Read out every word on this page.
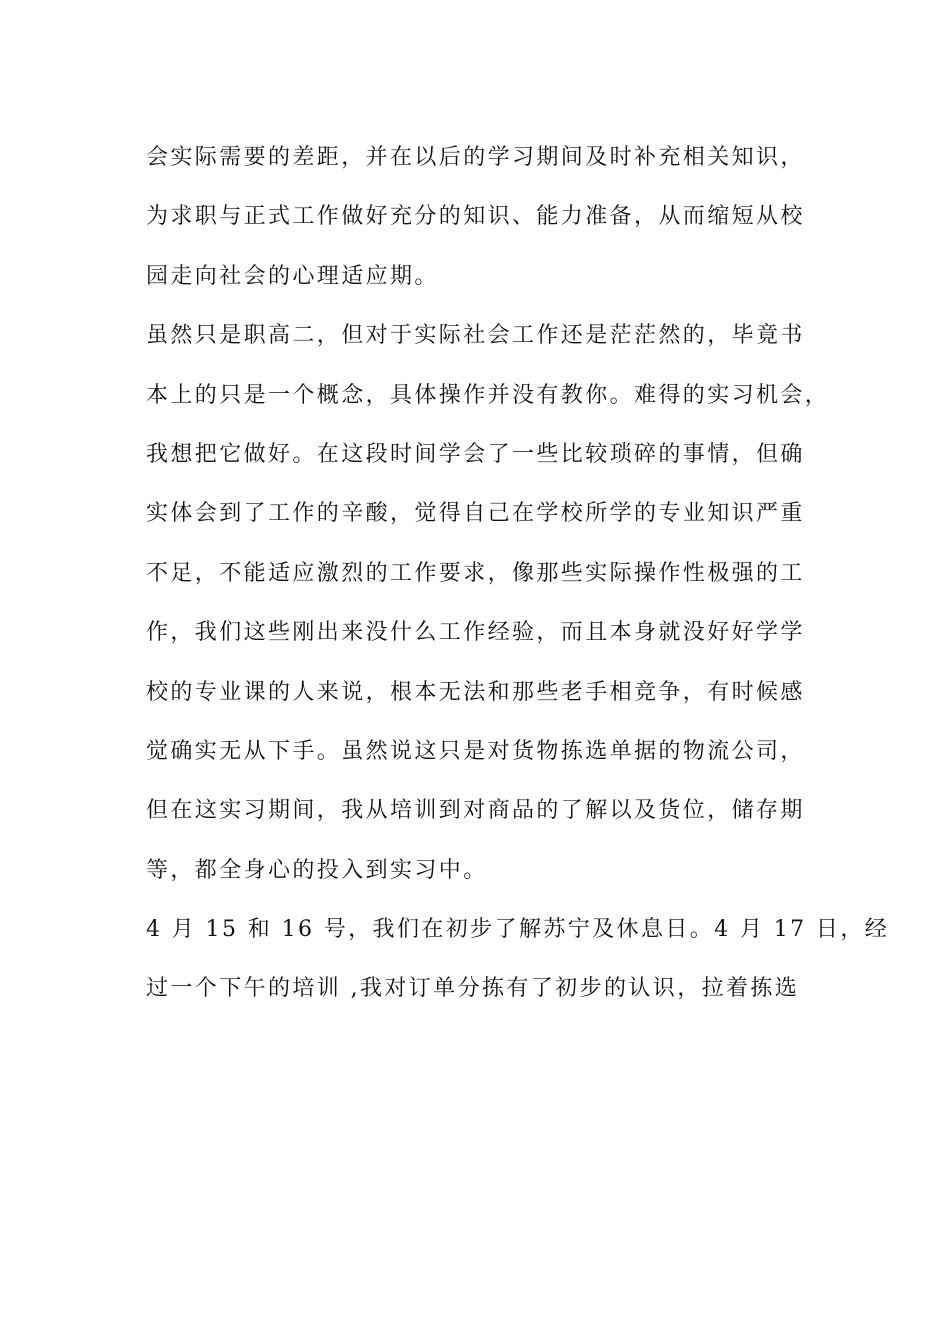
会实际需要的差距，并在以后的学习期间及时补充相关知识，
为求职与正式工作做好充分的知识、能力准备，从而缩短从校
园走向社会的心理适应期。
虽然只是职高二，但对于实际社会工作还是茫茫然的，毕竟书
本上的只是一个概念，具体操作并没有教你。难得的实习机会，
我想把它做好。在这段时间学会了一些比较琐碎的事情，但确
实体会到了工作的辛酸，觉得自己在学校所学的专业知识严重
不足，不能适应激烈的工作要求，像那些实际操作性极强的工
作，我们这些刚出来没什么工作经验，而且本身就没好好学学
校的专业课的人来说，根本无法和那些老手相竞争，有时候感
觉确实无从下手。虽然说这只是对货物拣选单据的物流公司，
但在这实习期间，我从培训到对商品的了解以及货位，储存期
等，都全身心的投入到实习中。
4 月 15 和 16 号，我们在初步了解苏宁及休息日。4 月 17 日，经
过一个下午的培训 ,我对订单分拣有了初步的认识，拉着拣选
